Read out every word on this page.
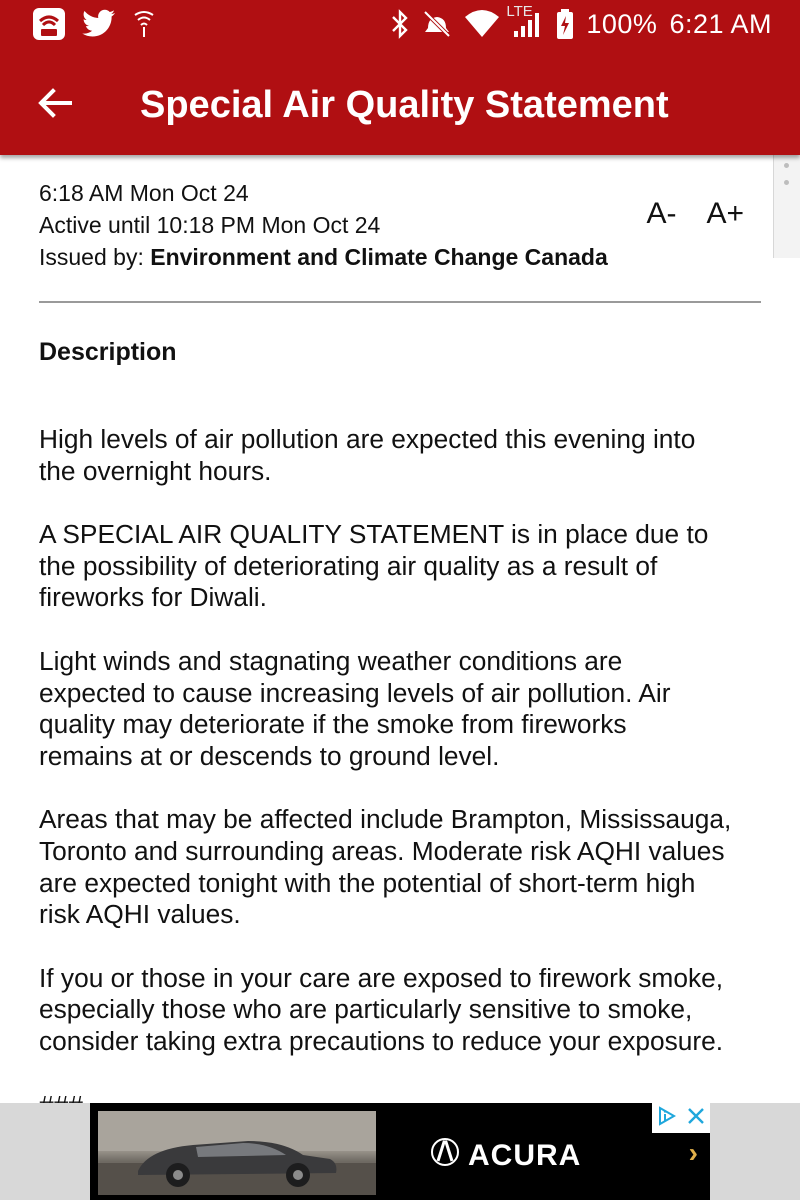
LTE 100% 6:21 AM
Special Air Quality Statement
6:18 AM Mon Oct 24
Active until 10:18 PM Mon Oct 24
Issued by: Environment and Climate Change Canada
A- A+
Description

High levels of air pollution are expected this evening into
the overnight hours.

A SPECIAL AIR QUALITY STATEMENT is in place due to
the possibility of deteriorating air quality as a result of
fireworks for Diwali.

Light winds and stagnating weather conditions are
expected to cause increasing levels of air pollution. Air
quality may deteriorate if the smoke from fireworks
remains at or descends to ground level.

Areas that may be affected include Brampton, Mississauga,
Toronto and surrounding areas. Moderate risk AQHI values
are expected tonight with the potential of short-term high
risk AQHI values.

If you or those in your care are exposed to firework smoke,
especially those who are particularly sensitive to smoke,
consider taking extra precautions to reduce your exposure.

ACURA	›
